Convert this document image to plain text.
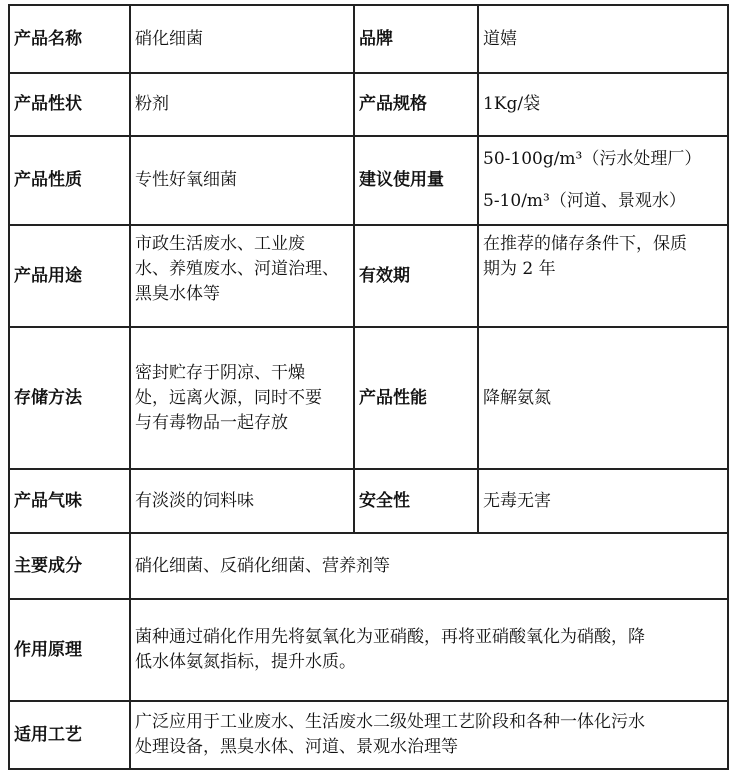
产品名称	硝化细菌	品牌	道嬉
产品性状	粉剂	产品规格	1Kg/袋
产品性质	专性好氧细菌	建议使用量	50-100g/m³（污水处理厂）
5-10/m³（河道、景观水）

产品用途	市政生活废水、工业废
水、养殖废水、河道治理、
黑臭水体等	有效期	在推荐的储存条件下，保质
期为 2 年

存储方法	密封贮存于阴凉、干燥
处，远离火源，同时不要
与有毒物品一起存放	产品性能	降解氨氮
产品气味	有淡淡的饲料味	安全性	无毒无害
主要成分	硝化细菌、反硝化细菌、营养剂等		

作用原理	菌种通过硝化作用先将氨氧化为亚硝酸，再将亚硝酸氧化为硝酸，降
低水体氨氮指标，提升水质。		

适用工艺	广泛应用于工业废水、生活废水二级处理工艺阶段和各种一体化污水
处理设备，黑臭水体、河道、景观水治理等		
